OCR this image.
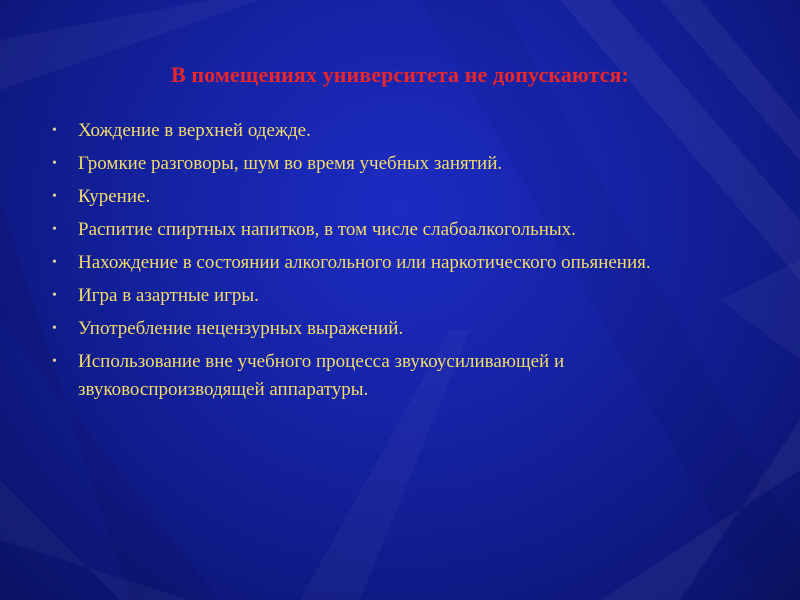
В помещениях университета не допускаются:
•	Хождение в верхней одежде.
•	Громкие разговоры, шум во время учебных занятий.
•	Курение.
•	Распитие спиртных напитков, в том числе слабоалкогольных.
•	Нахождение в состоянии алкогольного или наркотического опьянения.
•	Игра в азартные игры.
•	Употребление нецензурных выражений.
•	Использование вне учебного процесса звукоусиливающей и звуковоспроизводящей аппаратуры.
